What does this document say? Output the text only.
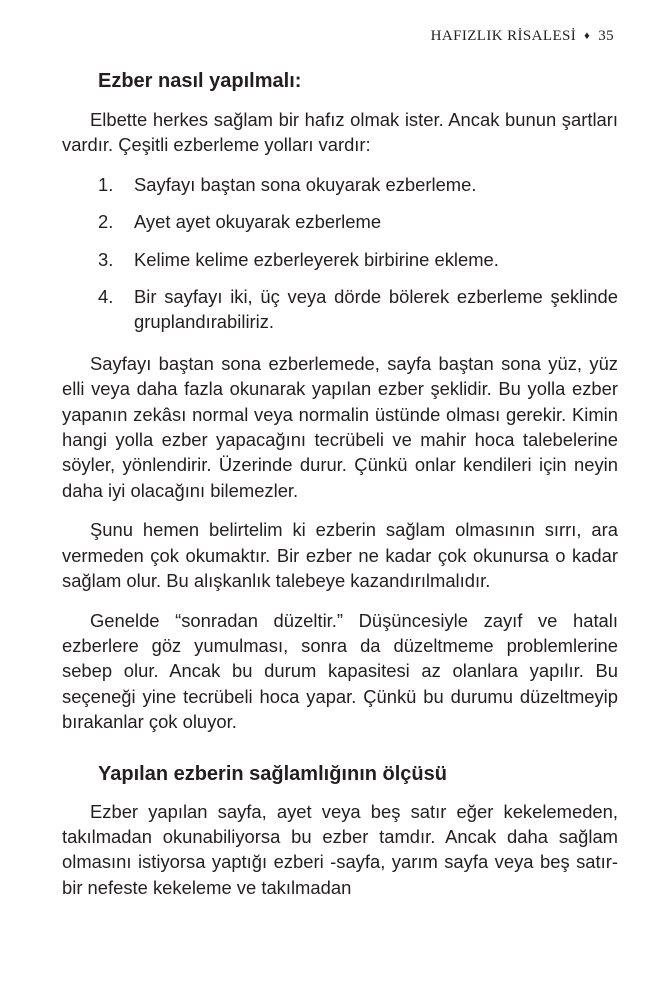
HAFIZLIK RİSALESİ ♦ 35
Ezber nasıl yapılmalı:

Elbette herkes sağlam bir hafız olmak ister. Ancak bunun şartları vardır. Çeşitli ezberleme yolları vardır:

1. Sayfayı baştan sona okuyarak ezberleme.
2. Ayet ayet okuyarak ezberleme
3. Kelime kelime ezberleyerek birbirine ekleme.
4. Bir sayfayı iki, üç veya dörde bölerek ezberleme şeklinde gruplandırabiliriz.

Sayfayı baştan sona ezberlemede, sayfa baştan sona yüz, yüz elli veya daha fazla okunarak yapılan ezber şeklidir. Bu yolla ezber yapanın zekâsı normal veya normalin üstünde olması gerekir. Kimin hangi yolla ezber yapacağını tecrübeli ve mahir hoca talebelerine söyler, yönlendirir. Üzerinde durur. Çünkü onlar kendileri için neyin daha iyi olacağını bilemezler.

Şunu hemen belirtelim ki ezberin sağlam olmasının sırrı, ara vermeden çok okumaktır. Bir ezber ne kadar çok okunursa o kadar sağlam olur. Bu alışkanlık talebeye kazandırılmalıdır.

Genelde “sonradan düzeltir.” Düşüncesiyle zayıf ve hatalı ezberlere göz yumulması, sonra da düzeltmeme problemlerine sebep olur. Ancak bu durum kapasitesi az olanlara yapılır. Bu seçeneği yine tecrübeli hoca yapar. Çünkü bu durumu düzeltmeyip bırakanlar çok oluyor.

Yapılan ezberin sağlamlığının ölçüsü

Ezber yapılan sayfa, ayet veya beş satır eğer kekelemeden, takılmadan okunabiliyorsa bu ezber tamdır. Ancak daha sağlam olmasını istiyorsa yaptığı ezberi -sayfa, yarım sayfa veya beş satır- bir nefeste kekeleme ve takılmadan
